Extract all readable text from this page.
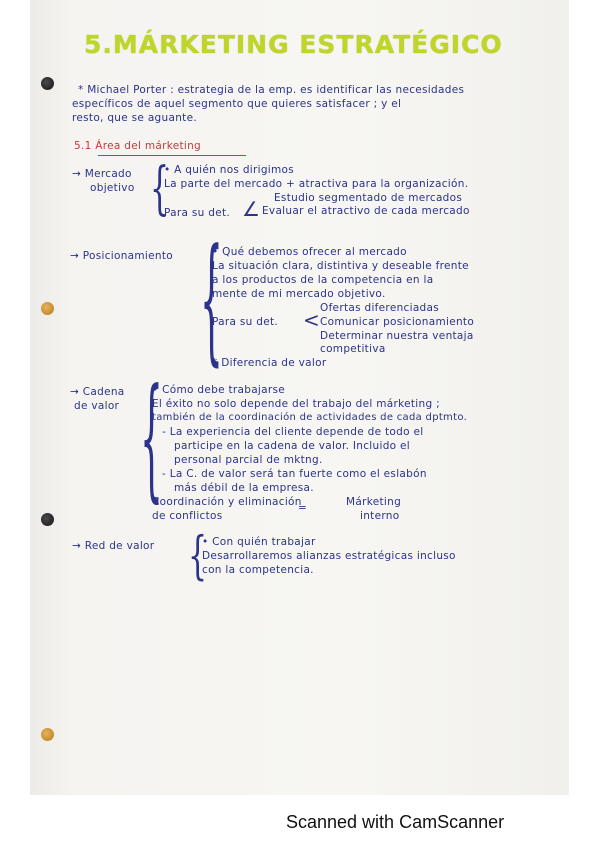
5.MÁRKETING ESTRATÉGICO
* Michael Porter : estrategia de la emp. es identificar las necesidades
específicos de aquel segmento que quieres satisfacer ; y el
resto, que se aguante.
5.1 Área del márketing
→ Mercado
objetivo {
• A quién nos dirigimos
La parte del mercado + atractiva para la organización.
Estudio segmentado de mercados
Para su det. ∠ Evaluar el atractivo de cada mercado
→ Posicionamiento {
• Qué debemos ofrecer al mercado
La situación clara, distintiva y deseable frente
a los productos de la competencia en la
mente de mi mercado objetivo.
Ofertas diferenciadas
Para su det. < Comunicar posicionamiento
Determinar nuestra ventaja
competitiva
* Diferencia de valor
→ Cadena
de valor {
• Cómo debe trabajarse
El éxito no solo depende del trabajo del márketing ;
también de la coordinación de actividades de cada dptmto.
- La experiencia del cliente depende de todo el
participe en la cadena de valor. Incluido el
personal parcial de mktng.
- La C. de valor será tan fuerte como el eslabón
más débil de la empresa.
Coordinación y eliminación
de conflictos
=	Márketing
interno
→ Red de valor {
• Con quién trabajar
Desarrollaremos alianzas estratégicas incluso
con la competencia.
Scanned with CamScanner
